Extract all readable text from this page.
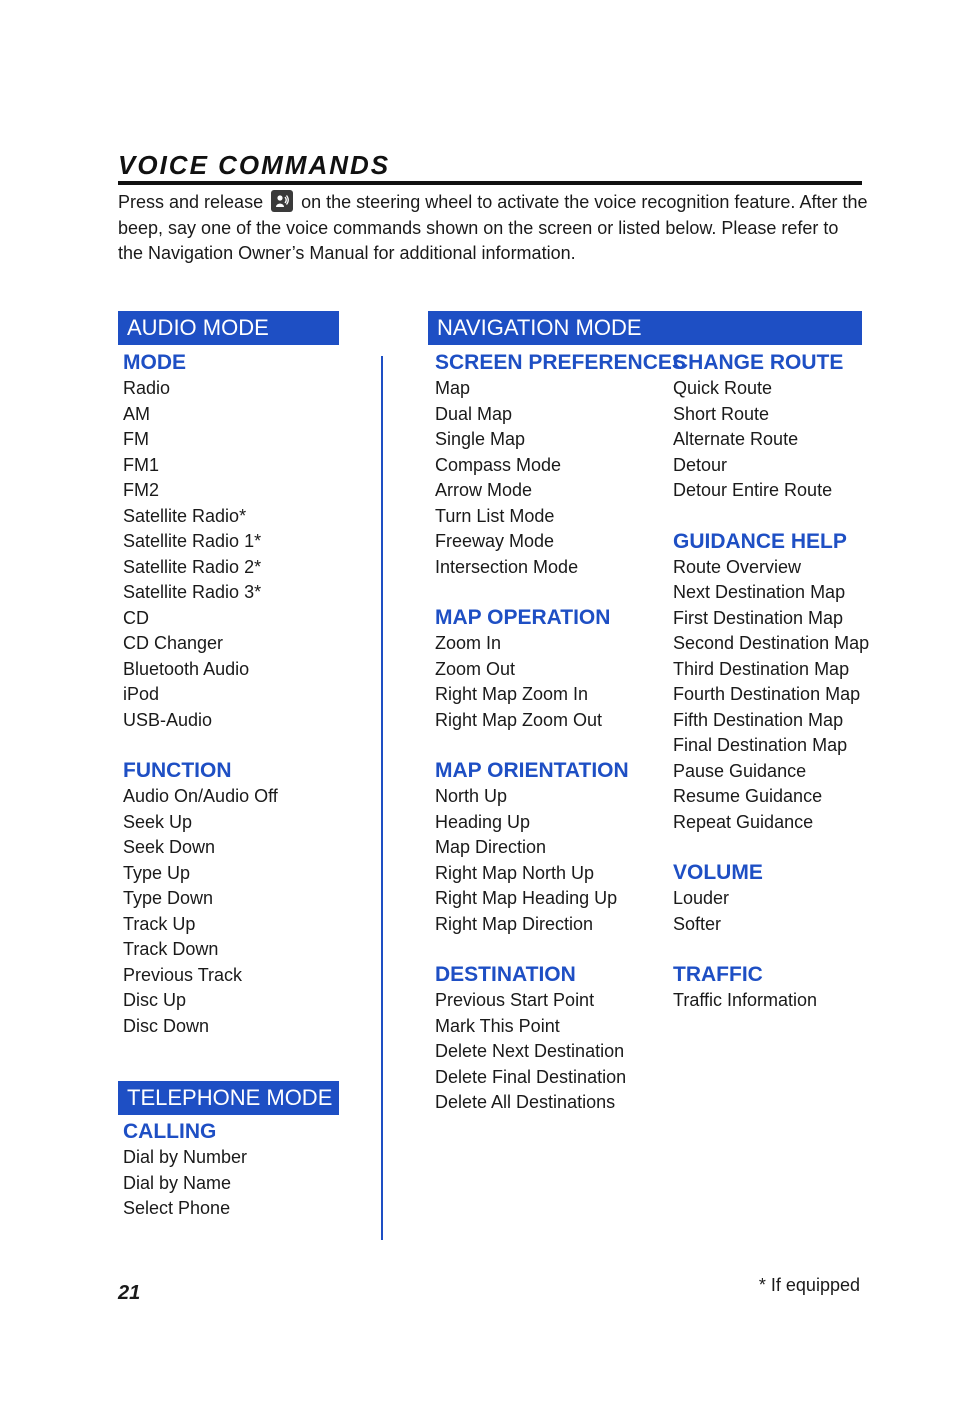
VOICE COMMANDS
Press and release on the steering wheel to activate the voice recognition feature. After the beep, say one of the voice commands shown on the screen or listed below. Please refer to the Navigation Owner’s Manual for additional information.
AUDIO MODE
TELEPHONE MODE
NAVIGATION MODE
MODE
Radio
AM
FM
FM1
FM2
Satellite Radio*
Satellite Radio 1*
Satellite Radio 2*
Satellite Radio 3*
CD
CD Changer
Bluetooth Audio
iPod
USB-Audio
FUNCTION
Audio On/Audio Off
Seek Up
Seek Down
Type Up
Type Down
Track Up
Track Down
Previous Track
Disc Up
Disc Down
CALLING
Dial by Number
Dial by Name
Select Phone
SCREEN PREFERENCES
Map
Dual Map
Single Map
Compass Mode
Arrow Mode
Turn List Mode
Freeway Mode
Intersection Mode
MAP OPERATION
Zoom In
Zoom Out
Right Map Zoom In
Right Map Zoom Out
MAP ORIENTATION
North Up
Heading Up
Map Direction
Right Map North Up
Right Map Heading Up
Right Map Direction
DESTINATION
Previous Start Point
Mark This Point
Delete Next Destination
Delete Final Destination
Delete All Destinations
CHANGE ROUTE
Quick Route
Short Route
Alternate Route
Detour
Detour Entire Route
GUIDANCE HELP
Route Overview
Next Destination Map
First Destination Map
Second Destination Map
Third Destination Map
Fourth Destination Map
Fifth Destination Map
Final Destination Map
Pause Guidance
Resume Guidance
Repeat Guidance
VOLUME
Louder
Softer
TRAFFIC
Traffic Information
21	* If equipped
